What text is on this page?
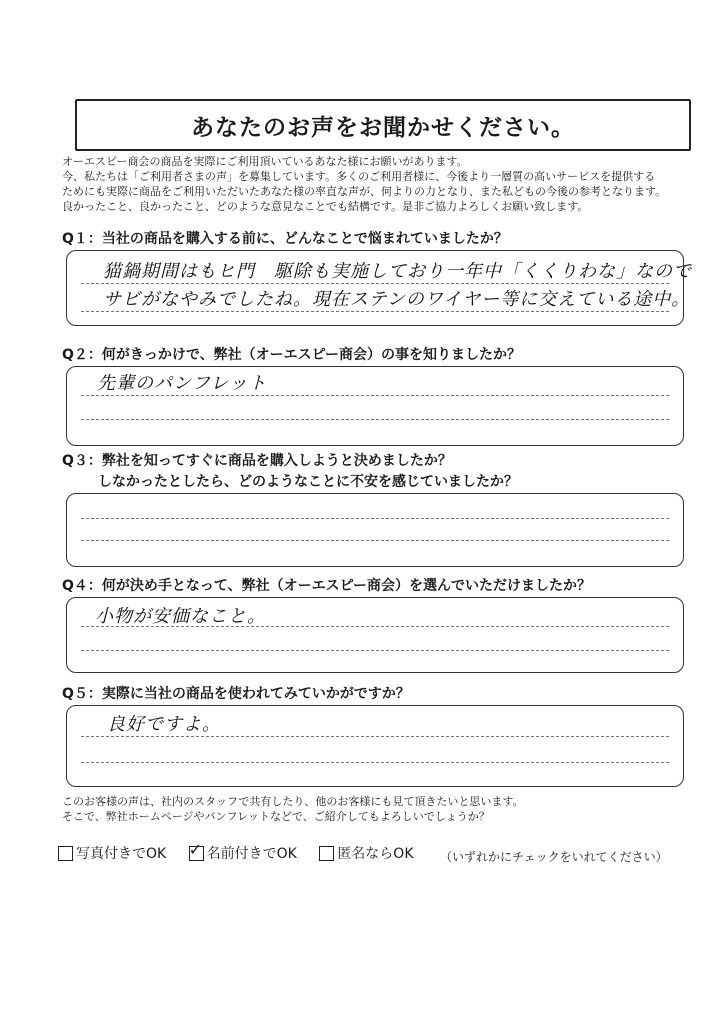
あなたのお声をお聞かせください。
オーエスピー商会の商品を実際にご利用頂いているあなた様にお願いがあります。
今、私たちは「ご利用者さまの声」を募集しています。多くのご利用者様に、今後より一層質の高いサービスを提供する
ためにも実際に商品をご利用いただいたあなた様の率直な声が、何よりの力となり、また私どもの今後の参考となります。
良かったこと、良かったこと、どのような意見なことでも結構です。是非ご協力よろしくお願い致します。
Q１：当社の商品を購入する前に、どんなことで悩まれていましたか？
猫鍋期間はもヒ門　駆除も実施しており一年中「くくりわな」なので
サビがなやみでしたね。現在ステンのワイヤー等に交えている途中。
Q２：何がきっかけで、弊社（オーエスピー商会）の事を知りましたか？
先輩のパンフレット
Q３：弊社を知ってすぐに商品を購入しようと決めましたか？
しなかったとしたら、どのようなことに不安を感じていましたか？
Q４：何が決め手となって、弊社（オーエスピー商会）を選んでいただけましたか？
小物が安価なこと。
Q５：実際に当社の商品を使われてみていかがですか？
良好ですよ。
このお客様の声は、社内のスタッフで共有したり、他のお客様にも見て頂きたいと思います。
そこで、弊社ホームページやパンフレットなどで、ご紹介してもよろしいでしょうか？
写真付きでOK
✓ 名前付きでOK
	匿名ならOK （いずれかにチェックをいれてください）
